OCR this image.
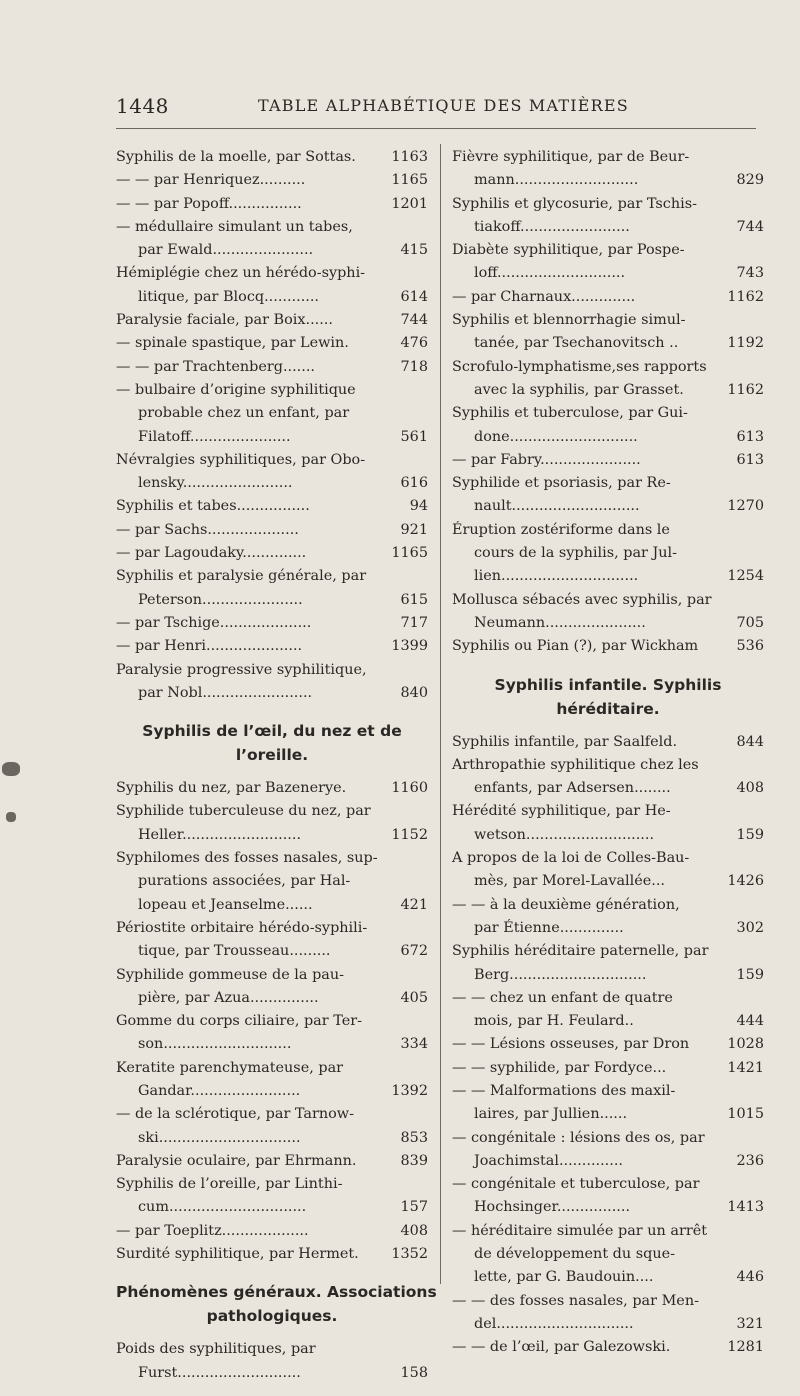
1448	TABLE ALPHABÉTIQUE DES MATIÈRES
Syphilis de la moelle, par Sottas.	1163
— — par Henriquez..........	1165
— — par Popoff................	1201
— médullaire simulant un tabes,
par Ewald......................	415
Hémiplégie chez un hérédo-syphi-
litique, par Blocq............	614
Paralysie faciale, par Boix......	744
— spinale spastique, par Lewin.	476
— — par Trachtenberg.......	718
— bulbaire d’origine syphilitique
probable chez un enfant, par
Filatoff......................	561
Névralgies syphilitiques, par Obo-
lensky........................	616
Syphilis et tabes................	94
— par Sachs....................	921
— par Lagoudaky..............	1165
Syphilis et paralysie générale, par
Peterson......................	615
— par Tschige....................	717
— par Henri.....................	1399
Paralysie progressive syphilitique,
par Nobl........................	840
Syphilis de l’œil, du nez et de
l’oreille.
Syphilis du nez, par Bazenerye.	1160
Syphilide tuberculeuse du nez, par
Heller..........................	1152
Syphilomes des fosses nasales, sup-
purations associées, par Hal-
lopeau et Jeanselme......	421
Périostite orbitaire hérédo-syphili-
tique, par Trousseau.........	672
Syphilide gommeuse de la pau-
pière, par Azua...............	405
Gomme du corps ciliaire, par Ter-
son............................	334
Keratite parenchymateuse, par
Gandar........................	1392
— de la sclérotique, par Tarnow-
ski...............................	853
Paralysie oculaire, par Ehrmann.	839
Syphilis de l’oreille, par Linthi-
cum..............................	157
— par Toeplitz...................	408
Surdité syphilitique, par Hermet.	1352
Phénomènes généraux. Associations
pathologiques.
Poids des syphilitiques, par
Furst...........................	158
Fièvre syphilitique, par de Beur-
mann...........................	829
Syphilis et glycosurie, par Tschis-
tiakoff........................	744
Diabète syphilitique, par Pospe-
loff............................	743
— par Charnaux..............	1162
Syphilis et blennorrhagie simul-
tanée, par Tsechanovitsch ..	1192
Scrofulo-lymphatisme,ses rapports
avec la syphilis, par Grasset.	1162
Syphilis et tuberculose, par Gui-
done............................	613
— par Fabry......................	613
Syphilide et psoriasis, par Re-
nault............................	1270
Éruption zostériforme dans le
cours de la syphilis, par Jul-
lien..............................	1254
Mollusca sébacés avec syphilis, par
Neumann......................	705
Syphilis ou Pian (?), par Wickham	536
Syphilis infantile. Syphilis
héréditaire.
Syphilis infantile, par Saalfeld.	844
Arthropathie syphilitique chez les
enfants, par Adsersen........	408
Hérédité syphilitique, par He-
wetson............................	159
A propos de la loi de Colles-Bau-
mès, par Morel-Lavallée...	1426
— — à la deuxième génération,
par Étienne..............	302
Syphilis héréditaire paternelle, par
Berg..............................	159
— — chez un enfant de quatre
mois, par H. Feulard..	444
— — Lésions osseuses, par Dron	1028
— — syphilide, par Fordyce...	1421
— — Malformations des maxil-
laires, par Jullien......	1015
— congénitale : lésions des os, par
Joachimstal..............	236
— congénitale et tuberculose, par
Hochsinger................	1413
— héréditaire simulée par un arrêt
de développement du sque-
lette, par G. Baudouin....	446
— — des fosses nasales, par Men-
del..............................	321
— — de l’œil, par Galezowski.	1281
